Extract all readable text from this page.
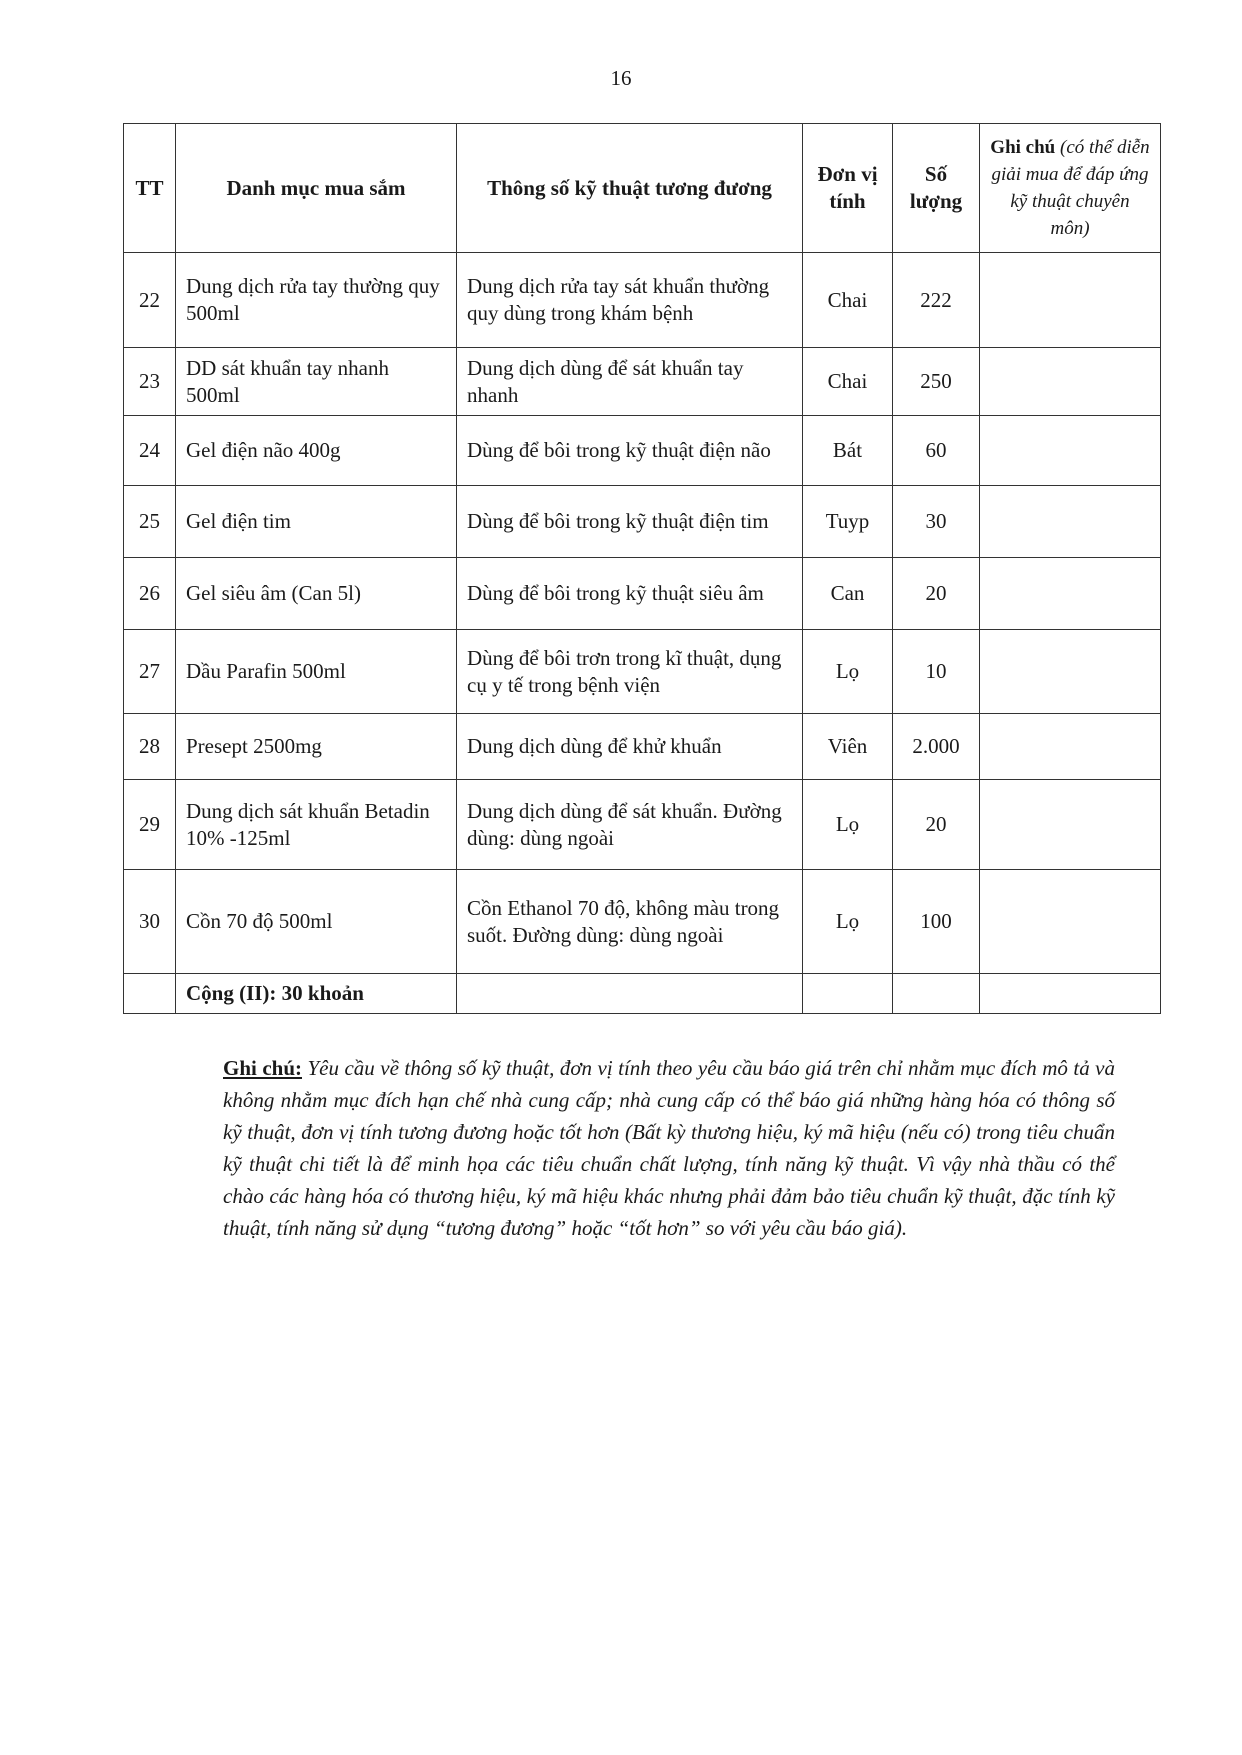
16
TT	Danh mục mua sắm	Thông số kỹ thuật tương đương	Đơn vị tính	Số lượng	Ghi chú (có thể diễn giải mua để đáp ứng kỹ thuật chuyên môn)
22	Dung dịch rửa tay thường quy 500ml	Dung dịch rửa tay sát khuẩn thường quy dùng trong khám bệnh	Chai	222	
23	DD sát khuẩn tay nhanh 500ml	Dung dịch dùng để sát khuẩn tay nhanh	Chai	250	
24	Gel điện não 400g	Dùng để bôi trong kỹ thuật điện não	Bát	60	
25	Gel điện tim	Dùng để bôi trong kỹ thuật điện tim	Tuyp	30	
26	Gel siêu âm (Can 5l)	Dùng để bôi trong kỹ thuật siêu âm	Can	20	
27	Dầu Parafin 500ml	Dùng để bôi trơn trong kĩ thuật, dụng cụ y tế trong bệnh viện	Lọ	10	
28	Presept 2500mg	Dung dịch dùng để khử khuẩn	Viên	2.000	
29	Dung dịch sát khuẩn Betadin 10% -125ml	Dung dịch dùng để sát khuẩn. Đường dùng: dùng ngoài	Lọ	20	
30	Cồn 70 độ 500ml	Cồn Ethanol 70 độ, không màu trong suốt. Đường dùng: dùng ngoài	Lọ	100	
	Cộng (II): 30 khoản				
Ghi chú: Yêu cầu về thông số kỹ thuật, đơn vị tính theo yêu cầu báo giá trên chỉ nhằm mục đích mô tả và không nhằm mục đích hạn chế nhà cung cấp; nhà cung cấp có thể báo giá những hàng hóa có thông số kỹ thuật, đơn vị tính tương đương hoặc tốt hơn (Bất kỳ thương hiệu, ký mã hiệu (nếu có) trong tiêu chuẩn kỹ thuật chi tiết là để minh họa các tiêu chuẩn chất lượng, tính năng kỹ thuật. Vì vậy nhà thầu có thể chào các hàng hóa có thương hiệu, ký mã hiệu khác nhưng phải đảm bảo tiêu chuẩn kỹ thuật, đặc tính kỹ thuật, tính năng sử dụng “tương đương” hoặc “tốt hơn” so với yêu cầu báo giá).
